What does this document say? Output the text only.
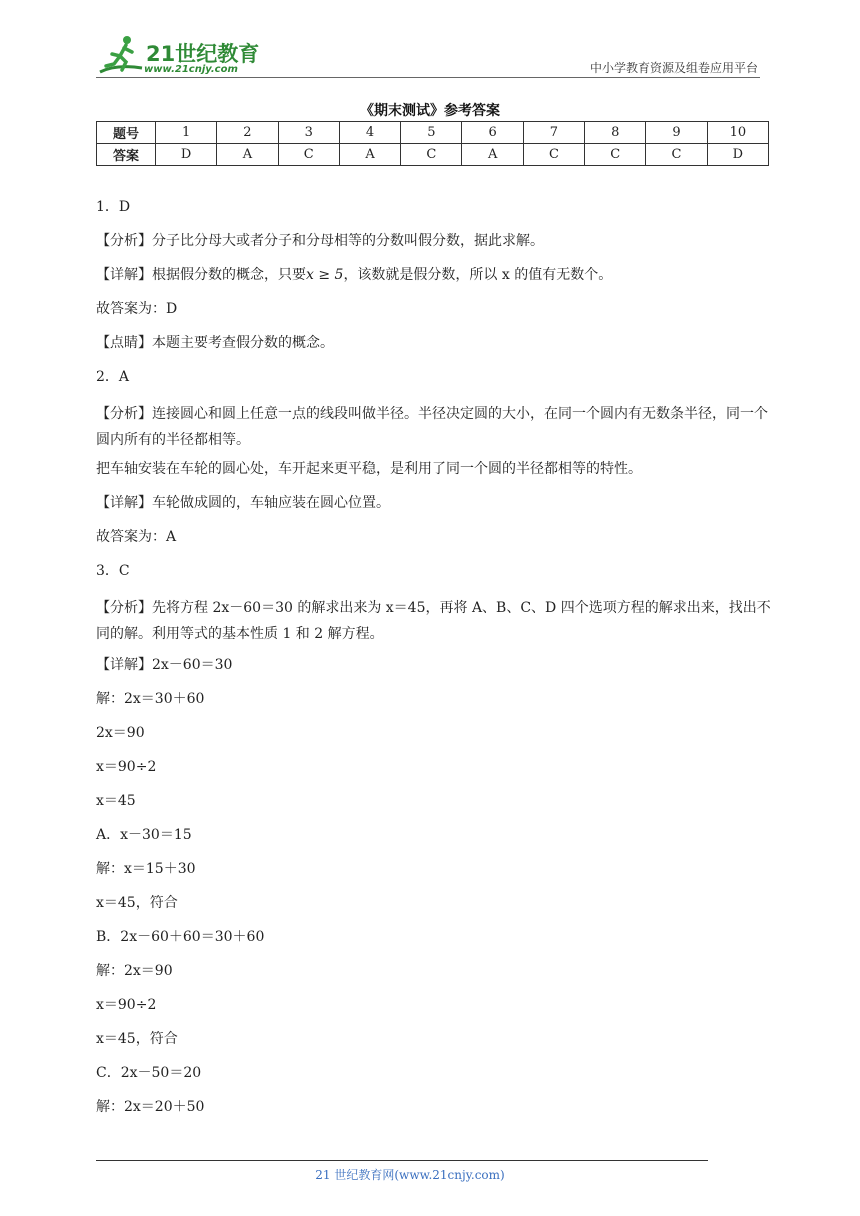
21世纪教育
www.21cnjy.com	中小学教育资源及组卷应用平台
《期末测试》参考答案
题号	1	2	3	4	5	6	7	8	9	10
答案	D	A	C	A	C	A	C	C	C	D

1．D

【分析】分子比分母大或者分子和分母相等的分数叫假分数，据此求解。

【详解】根据假分数的概念，只要x ≥ 5，该数就是假分数，所以 x 的值有无数个。

故答案为：D

【点睛】本题主要考查假分数的概念。

2．A

【分析】连接圆心和圆上任意一点的线段叫做半径。半径决定圆的大小，在同一个圆内有无数条半径，同一个圆内所有的半径都相等。

把车轴安装在车轮的圆心处，车开起来更平稳，是利用了同一个圆的半径都相等的特性。

【详解】车轮做成圆的，车轴应装在圆心位置。

故答案为：A

3．C

【分析】先将方程 2x－60＝30 的解求出来为 x＝45，再将 A、B、C、D 四个选项方程的解求出来，找出不同的解。利用等式的基本性质 1 和 2 解方程。

【详解】2x－60＝30

解：2x＝30＋60

2x＝90

x＝90÷2

x＝45

A．x－30＝15

解：x＝15＋30

x＝45，符合

B．2x－60＋60＝30＋60

解：2x＝90

x＝90÷2

x＝45，符合

C．2x－50＝20

解：2x＝20＋50

21 世纪教育网(www.21cnjy.com)
